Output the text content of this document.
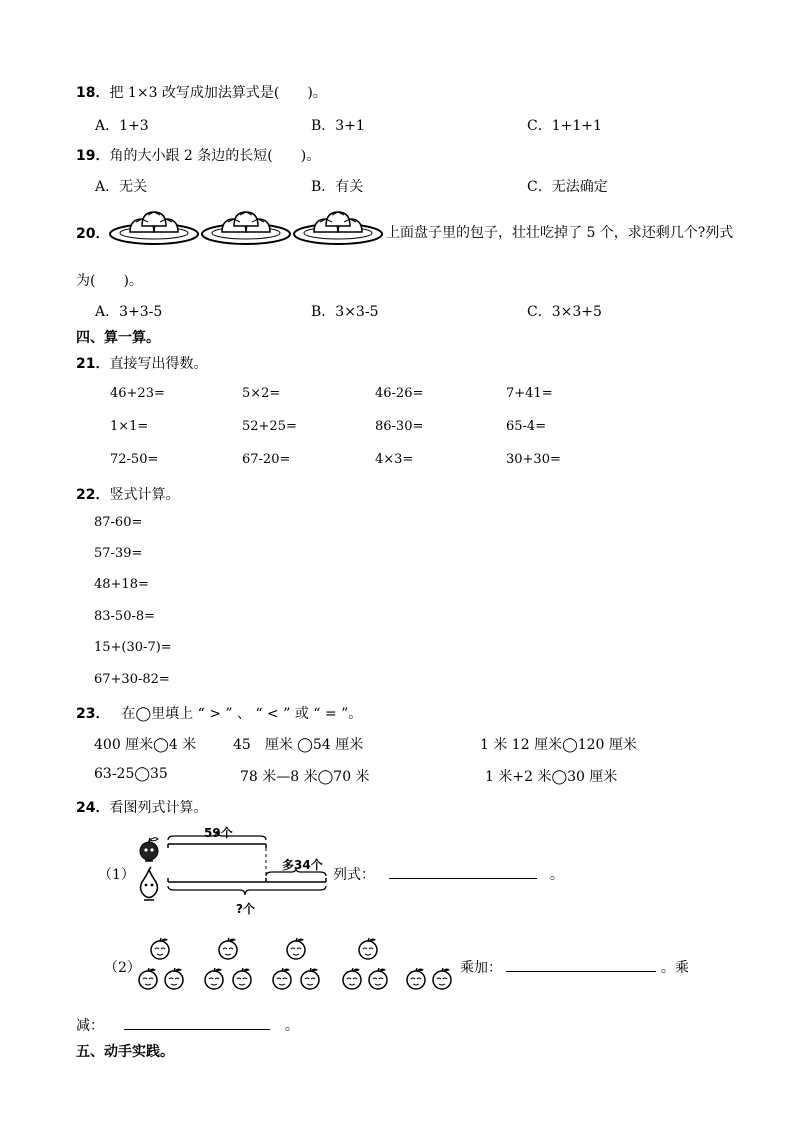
18．把 1×3 改写成加法算式是(　　)。
A．1+3	B．3+1	C．1+1+1
19．角的大小跟 2 条边的长短(　　)。
A．无关	B．有关	C．无法确定
20．	上面盘子里的包子，壮壮吃掉了 5 个，求还剩几个?列式
为(　　)。
A．3+3-5	B．3×3-5	C．3×3+5
四、算一算。
21．直接写出得数。
46+23=	5×2=	46-26=	7+41=
1×1=	52+25=	86-30=	65-4=
72-50=	67-20=	4×3=	30+30=
22．竖式计算。
87-60=
57-39=
48+18=
83-50-8=
15+(30-7)=
67+30-82=
23． 在◯里填上 “ > ” 、 “ < ” 或 “ = ”。
400 厘米◯4 米	45　厘米 ◯54 厘米	1 米 12 厘米◯120 厘米
63-25◯35	78 米—8 米◯70 米	1 米+2 米◯30 厘米
24．看图列式计算。
（1）
59个
多34个
?个
列式：	。
（2）	乘加：	。乘
减：	。
五、动手实践。
